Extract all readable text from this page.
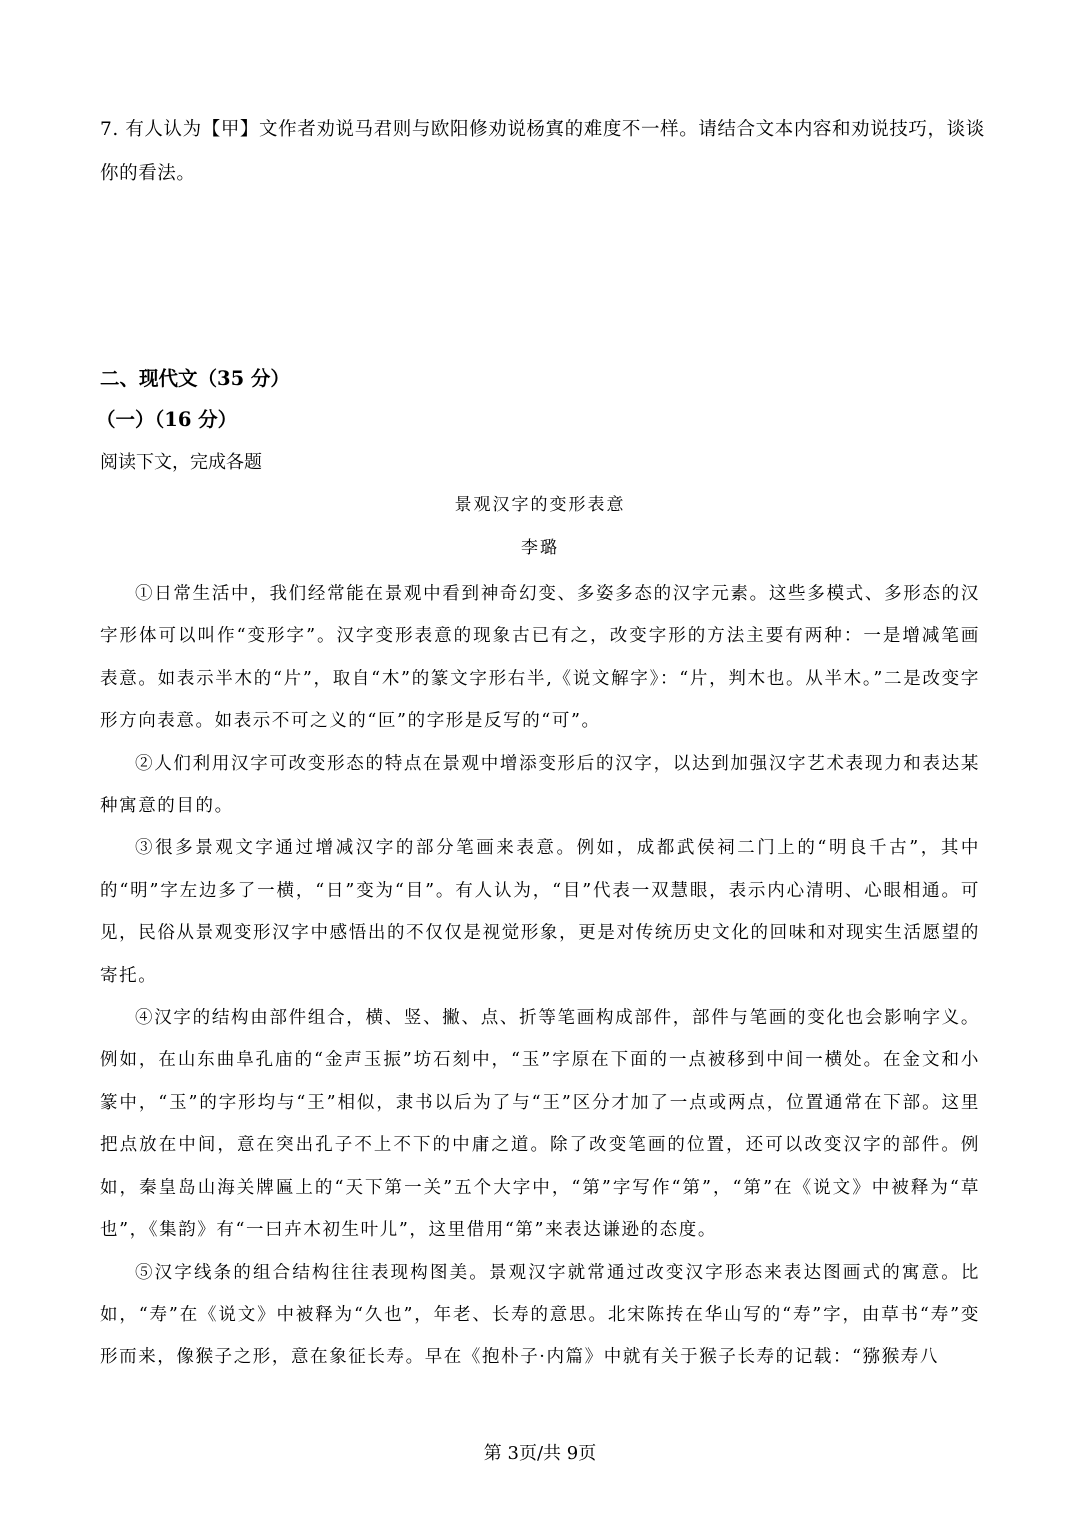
7. 有人认为【甲】文作者劝说马君则与欧阳修劝说杨寘的难度不一样。请结合文本内容和劝说技巧，谈谈你的看法。
二、现代文（35 分）
（一）（16 分）
阅读下文，完成各题
景观汉字的变形表意
李璐

①日常生活中，我们经常能在景观中看到神奇幻变、多姿多态的汉字元素。这些多模式、多形态的汉字形体可以叫作“变形字”。汉字变形表意的现象古已有之，改变字形的方法主要有两种：一是增减笔画表意。如表示半木的“片”，取自“木”的篆文字形右半,《说文解字》：“片，判木也。从半木。”二是改变字形方向表意。如表示不可之义的“叵”的字形是反写的“可”。

②人们利用汉字可改变形态的特点在景观中增添变形后的汉字，以达到加强汉字艺术表现力和表达某种寓意的目的。

③很多景观文字通过增减汉字的部分笔画来表意。例如，成都武侯祠二门上的“明良千古”，其中的“明”字左边多了一横，“日”变为“目”。有人认为，“目”代表一双慧眼，表示内心清明、心眼相通。可见，民俗从景观变形汉字中感悟出的不仅仅是视觉形象，更是对传统历史文化的回味和对现实生活愿望的寄托。

④汉字的结构由部件组合，横、竖、撇、点、折等笔画构成部件，部件与笔画的变化也会影响字义。例如，在山东曲阜孔庙的“金声玉振”坊石刻中，“玉”字原在下面的一点被移到中间一横处。在金文和小篆中，“玉”的字形均与“王”相似，隶书以后为了与“王”区分才加了一点或两点，位置通常在下部。这里把点放在中间，意在突出孔子不上不下的中庸之道。除了改变笔画的位置，还可以改变汉字的部件。例如，秦皇岛山海关牌匾上的“天下第一关”五个大字中，“第”字写作“第”，“第”在《说文》中被释为“草也”，《集韵》有“一曰卉木初生叶儿”，这里借用“第”来表达谦逊的态度。

⑤汉字线条的组合结构往往表现构图美。景观汉字就常通过改变汉字形态来表达图画式的寓意。比如，“寿”在《说文》中被释为“久也”，年老、长寿的意思。北宋陈抟在华山写的“寿”字，由草书“寿”变形而来，像猴子之形，意在象征长寿。早在《抱朴子·内篇》中就有关于猴子长寿的记载：“猕猴寿八

第 3页/共 9页
